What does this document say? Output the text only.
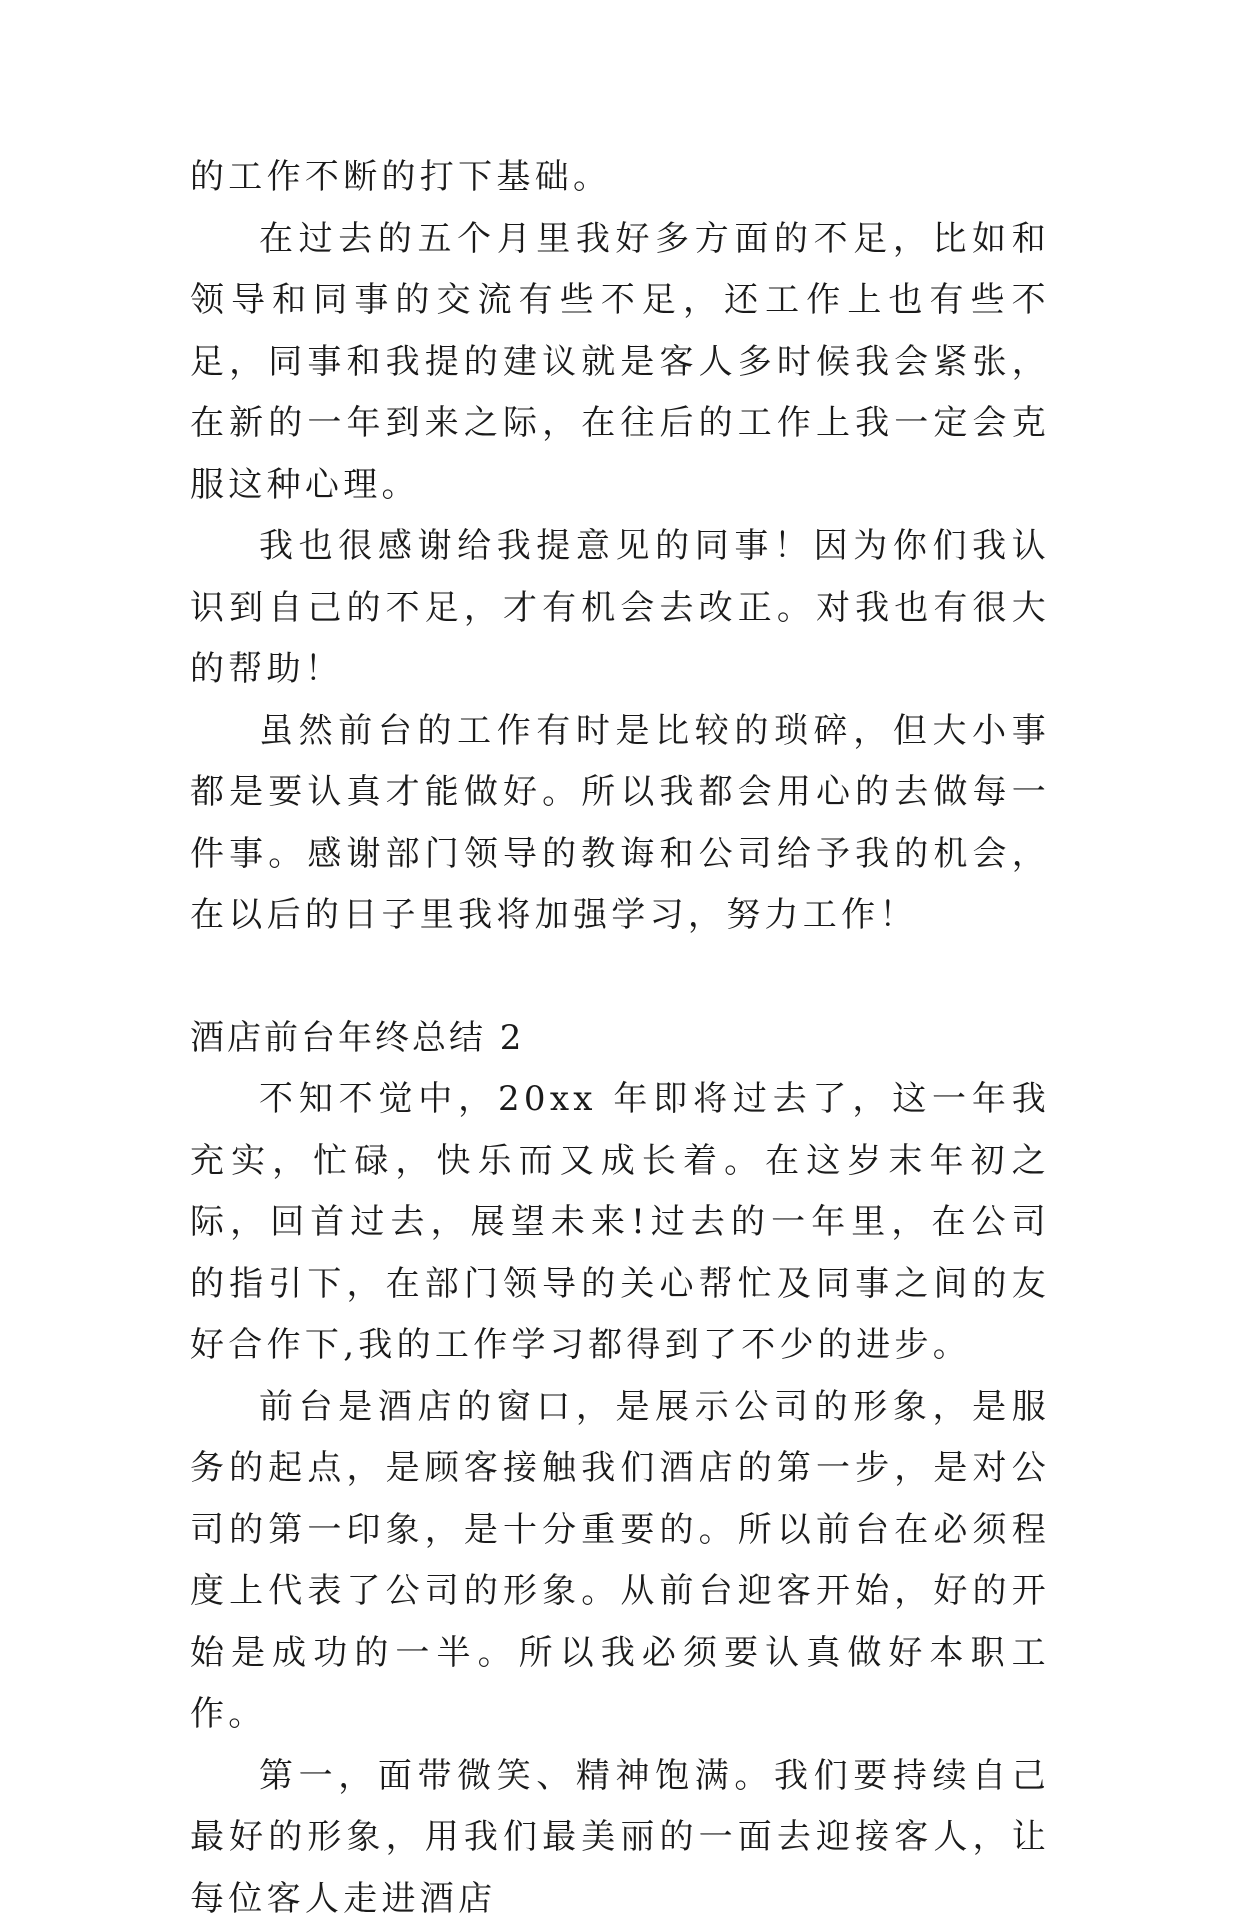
的工作不断的打下基础。

在过去的五个月里我好多方面的不足，比如和领导和同事的交流有些不足，还工作上也有些不足，同事和我提的建议就是客人多时候我会紧张，在新的一年到来之际，在往后的工作上我一定会克服这种心理。

我也很感谢给我提意见的同事！因为你们我认识到自己的不足，才有机会去改正。对我也有很大的帮助！

虽然前台的工作有时是比较的琐碎，但大小事都是要认真才能做好。所以我都会用心的去做每一件事。感谢部门领导的教诲和公司给予我的机会，在以后的日子里我将加强学习，努力工作！

酒店前台年终总结 2

不知不觉中，20xx 年即将过去了，这一年我充实，忙碌，快乐而又成长着。在这岁末年初之际，回首过去，展望未来!过去的一年里，在公司的指引下，在部门领导的关心帮忙及同事之间的友好合作下,我的工作学习都得到了不少的进步。

前台是酒店的窗口，是展示公司的形象，是服务的起点，是顾客接触我们酒店的第一步，是对公司的第一印象，是十分重要的。所以前台在必须程度上代表了公司的形象。从前台迎客开始，好的开始是成功的一半。所以我必须要认真做好本职工作。

第一，面带微笑、精神饱满。我们要持续自己最好的形象，用我们最美丽的一面去迎接客人，让每位客人走进酒店
